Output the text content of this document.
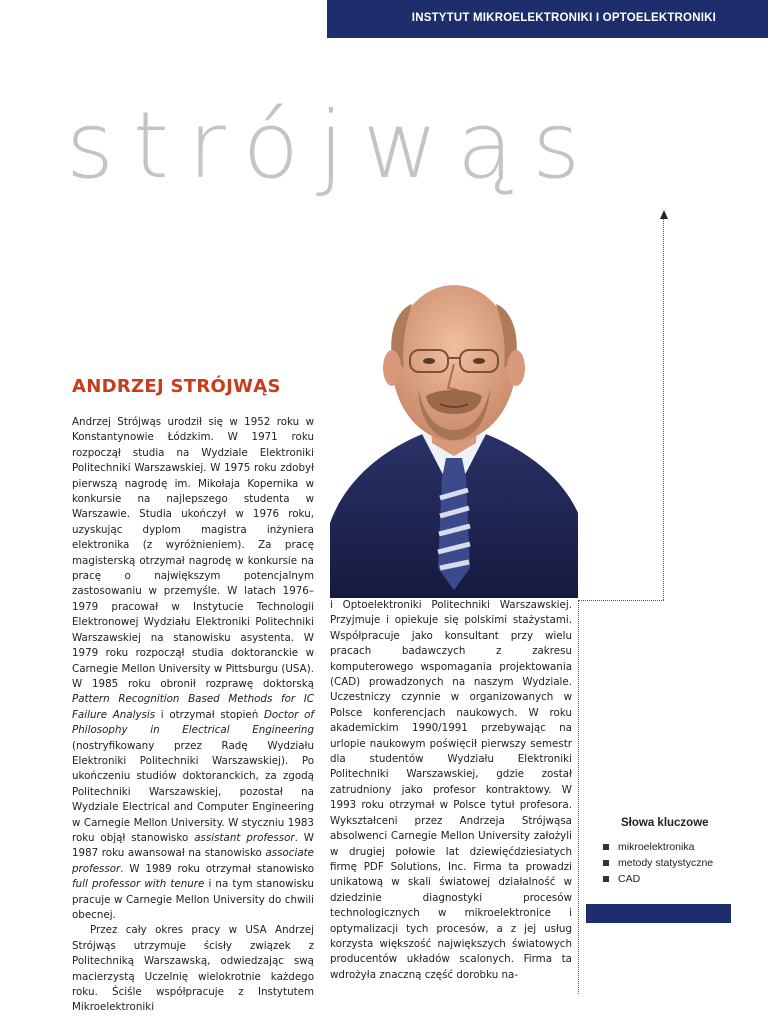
INSTYTUT MIKROELEKTRONIKI I OPTOELEKTRONIKI
strójwąs
ANDRZEJ STRÓJWĄS

Andrzej Strójwąs urodził się w 1952 roku w Konstantynowie Łódzkim. W 1971 roku rozpoczął studia na Wydziale Elektroniki Politechniki Warszawskiej. W 1975 roku zdobył pierwszą nagrodę im. Mikołaja Kopernika w konkursie na najlepszego studenta w Warszawie. Studia ukończył w 1976 roku, uzyskując dyplom magistra inżyniera elektronika (z wyróżnieniem). Za pracę magisterską otrzymał nagrodę w konkursie na pracę o największym potencjalnym zastosowaniu w przemyśle. W latach 1976–1979 pracował w Instytucie Technologii Elektronowej Wydziału Elektroniki Politechniki Warszawskiej na stanowisku asystenta. W 1979 roku rozpoczął studia doktoranckie w Carnegie Mellon University w Pittsburgu (USA). W 1985 roku obronił rozprawę doktorską Pattern Recognition Based Methods for IC Failure Analysis i otrzymał stopień Doctor of Philosophy in Electrical Engineering (nostryfikowany przez Radę Wydziału Elektroniki Politechniki Warszawskiej). Po ukończeniu studiów doktoranckich, za zgodą Politechniki Warszawskiej, pozostał na Wydziale Electrical and Computer Engineering w Carnegie Mellon University. W styczniu 1983 roku objął stanowisko assistant professor. W 1987 roku awansował na stanowisko associate professor. W 1989 roku otrzymał stanowisko full professor with tenure i na tym stanowisku pracuje w Carnegie Mellon University do chwili obecnej.

Przez cały okres pracy w USA Andrzej Strójwąs utrzymuje ścisły związek z Politechniką Warszawską, odwiedzając swą macierzystą Uczelnię wielokrotnie każdego roku. Ściśle współpracuje z Instytutem Mikroelektroniki

i Optoelektroniki Politechniki Warszawskiej. Przyjmuje i opiekuje się polskimi stażystami. Współpracuje jako konsultant przy wielu pracach badawczych z zakresu komputerowego wspomagania projektowania (CAD) prowadzonych na naszym Wydziale. Uczestniczy czynnie w organizowanych w Polsce konferencjach naukowych. W roku akademickim 1990/1991 przebywając na urlopie naukowym poświęcił pierwszy semestr dla studentów Wydziału Elektroniki Politechniki Warszawskiej, gdzie został zatrudniony jako profesor kontraktowy. W 1993 roku otrzymał w Polsce tytuł profesora. Wykształceni przez Andrzeja Strójwąsa absolwenci Carnegie Mellon University założyli w drugiej połowie lat dziewięćdziesiatych firmę PDF Solutions, Inc. Firma ta prowadzi unikatową w skali światowej działalność w dziedzinie diagnostyki procesów technologicznych w mikroelektronice i optymalizacji tych procesów, a z jej usług korzysta większość największych światowych producentów układów scalonych. Firma ta wdrożyła znaczną część dorobku na-

Słowa kluczowe
mikroelektronika
metody statystyczne
CAD
